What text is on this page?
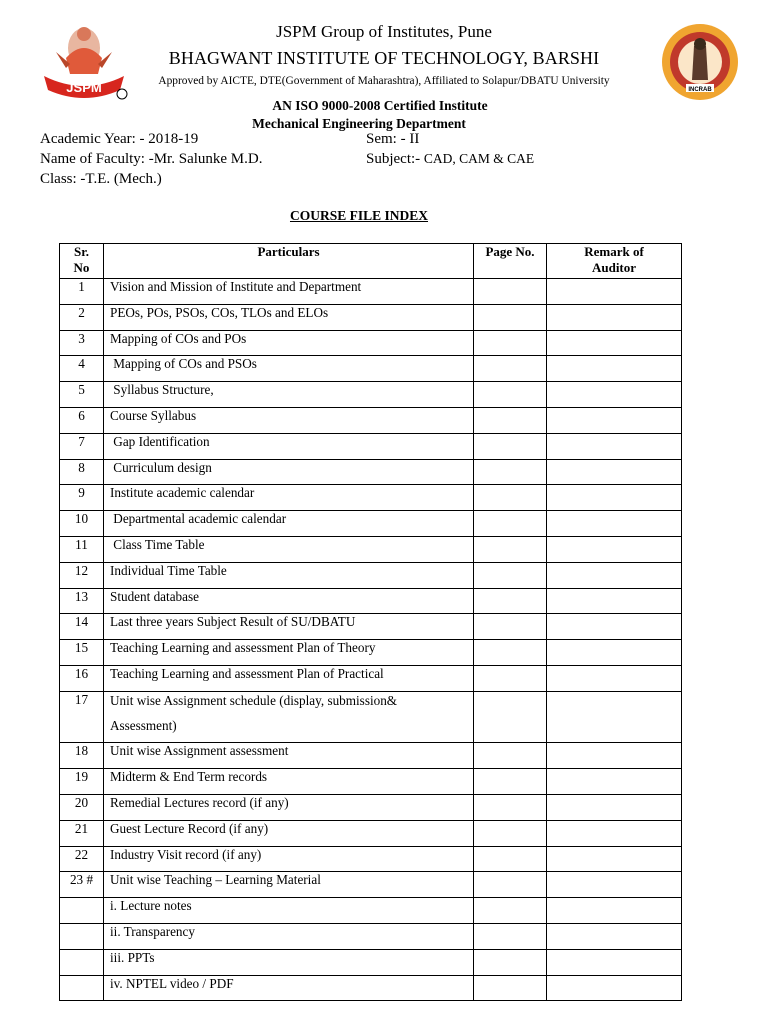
JSPM	INCRAB
JSPM Group of Institutes, Pune
BHAGWANT INSTITUTE OF TECHNOLOGY, BARSHI
Approved by AICTE, DTE(Government of Maharashtra), Affiliated to Solapur/DBATU University
AN ISO 9000-2008 Certified Institute
Mechanical Engineering Department
Academic Year: - 2018-19	Sem: - II
Name of Faculty: -Mr. Salunke M.D.	Subject:- CAD, CAM & CAE
Class: -T.E. (Mech.)
COURSE FILE INDEX
Sr.
No	Particulars	Page No.	Remark of
Auditor
1	Vision and Mission of Institute and Department		
2	PEOs, POs, PSOs, COs, TLOs and ELOs		
3	Mapping of COs and POs		
4	Mapping of COs and PSOs		
5	Syllabus Structure,		
6	Course Syllabus		
7	Gap Identification		
8	Curriculum design		
9	Institute academic calendar		
10	Departmental academic calendar		
11	Class Time Table		
12	Individual Time Table		
13	Student database		
14	Last three years Subject Result of SU/DBATU		
15	Teaching Learning and assessment Plan of Theory		
16	Teaching Learning and assessment Plan of Practical		
17	Unit wise Assignment schedule (display, submission&
Assessment)		

18	Unit wise Assignment assessment		
19	Midterm & End Term records		
20	Remedial Lectures record (if any)		
21	Guest Lecture Record (if any)		
22	Industry Visit record (if any)		
23 #	Unit wise Teaching – Learning Material		
	i. Lecture notes		
	ii. Transparency		
	iii. PPTs		
	iv. NPTEL video / PDF		
